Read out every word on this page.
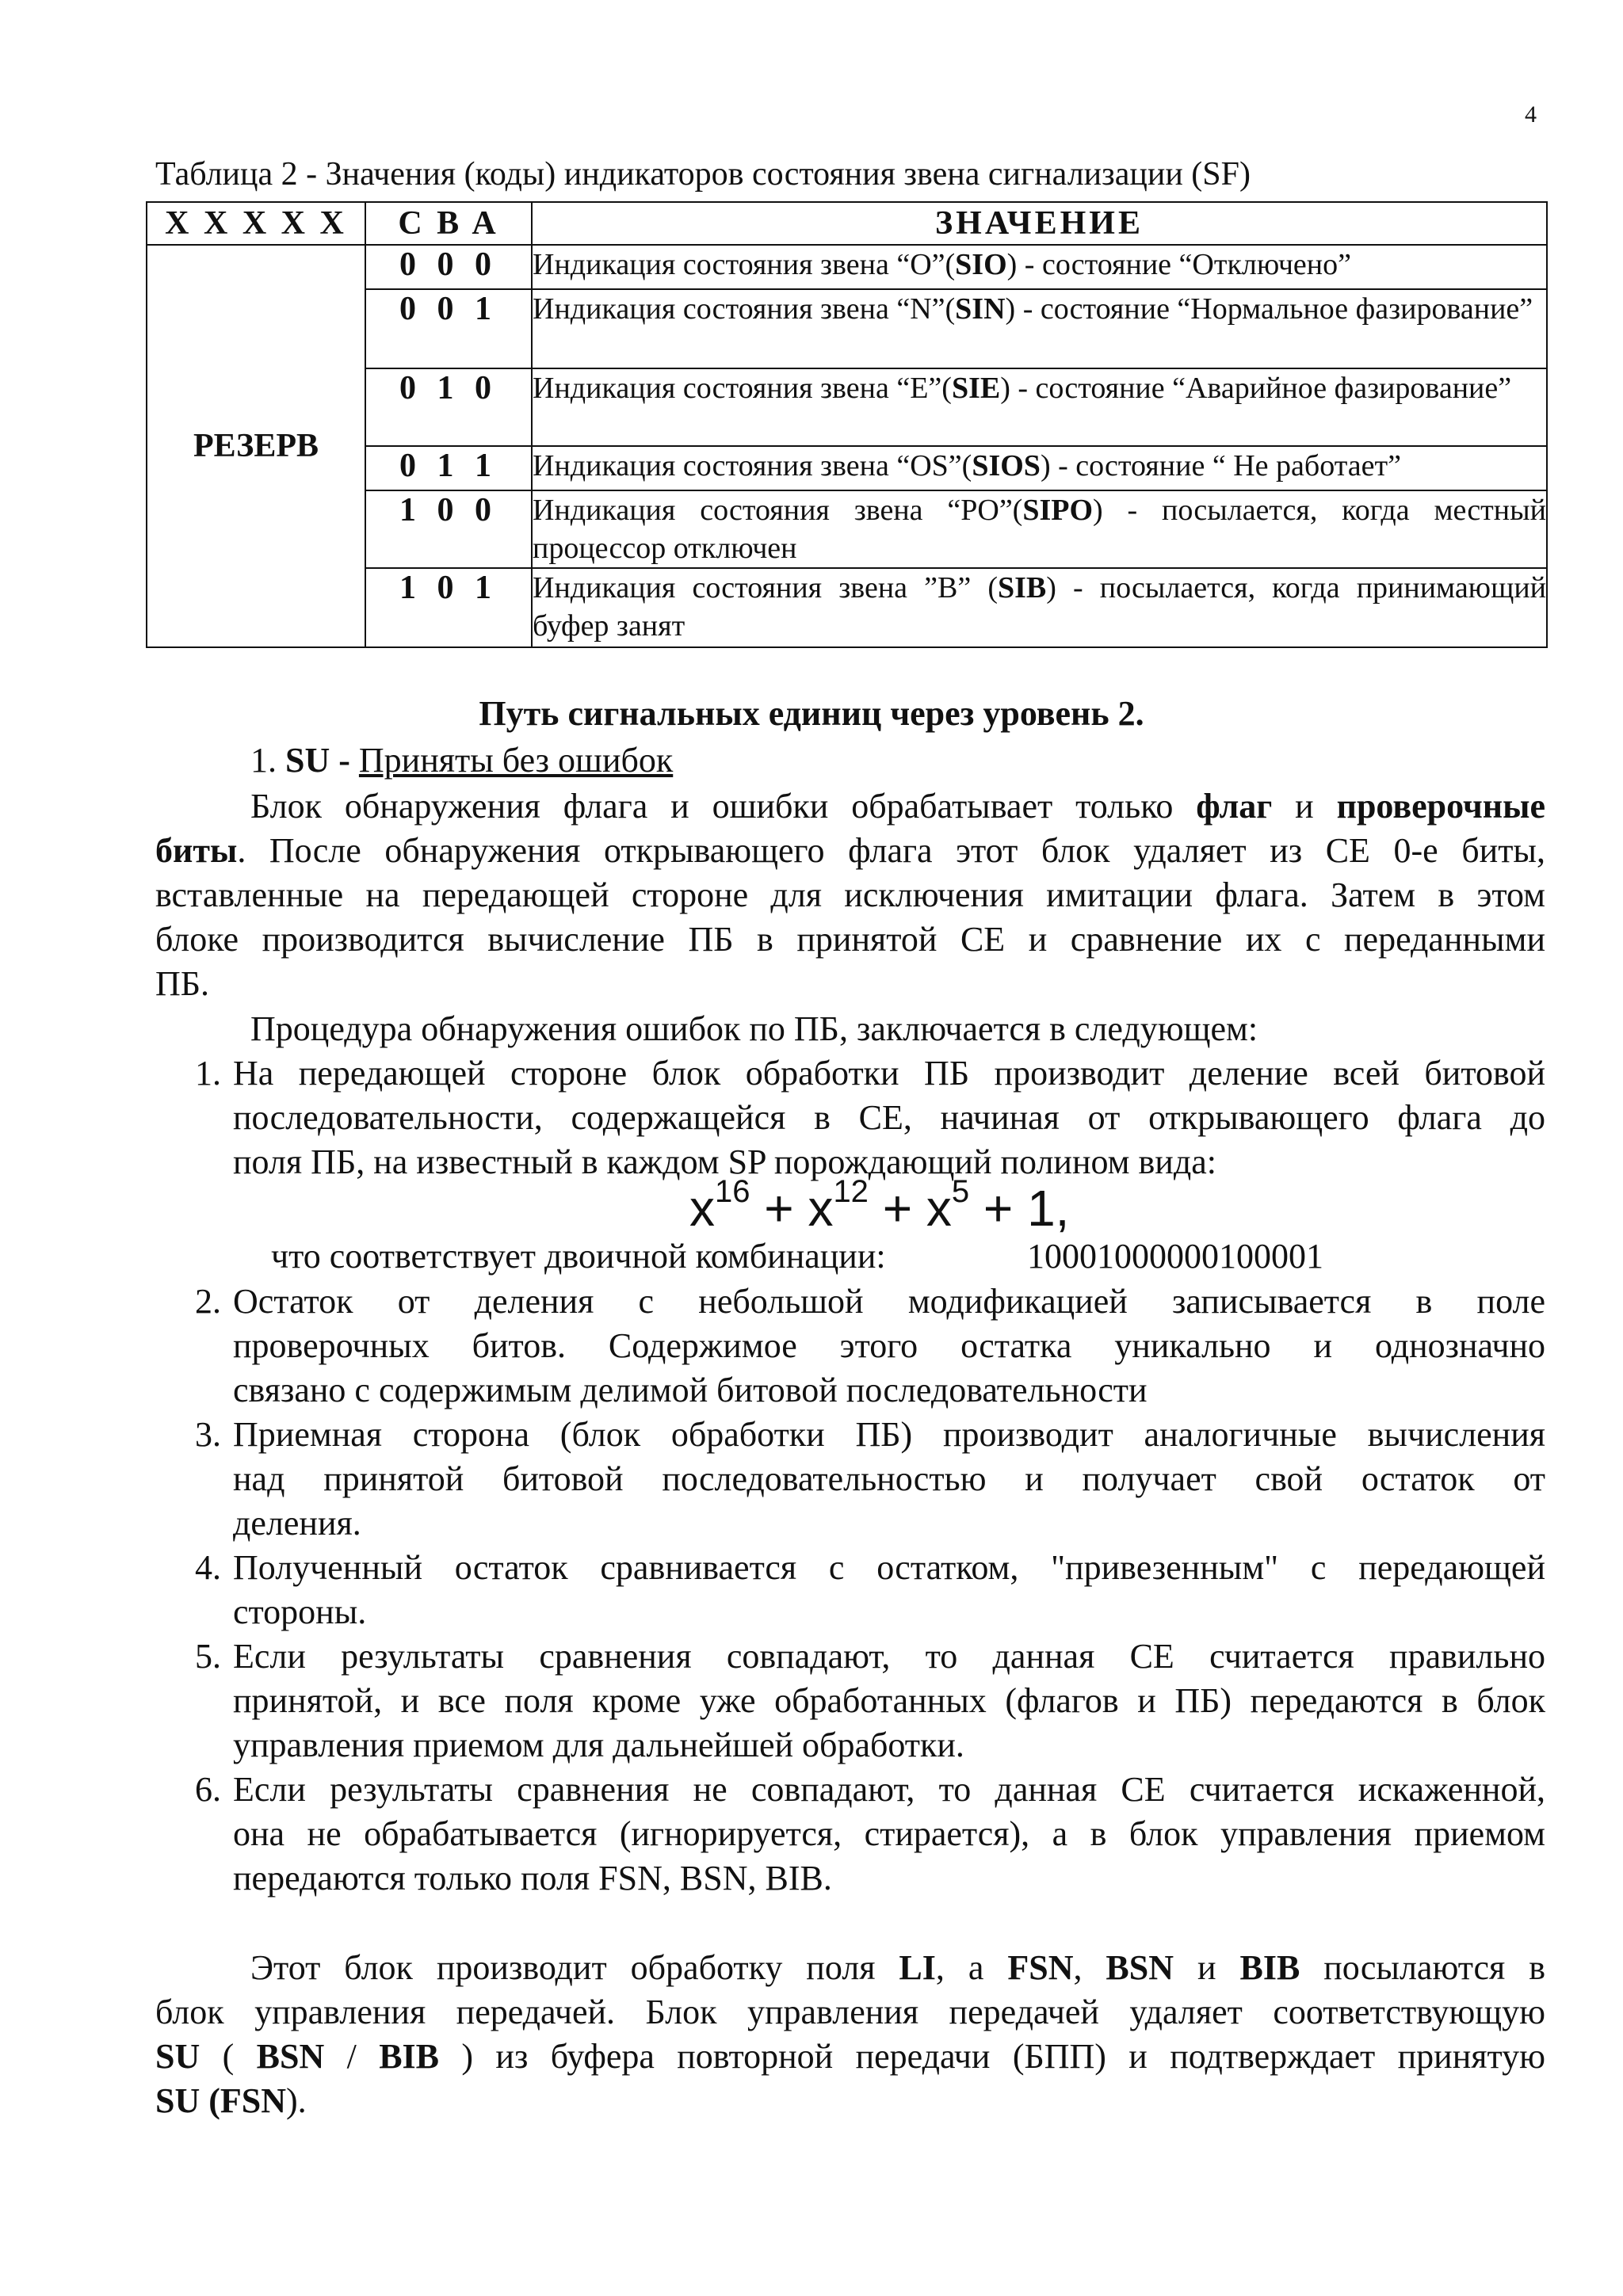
4
Таблица 2 - Значения (коды) индикаторов состояния звена сигнализации (SF)
X X X X X	C B A	ЗНАЧЕНИЕ
РЕЗЕРВ	0 0 0	Индикация состояния звена “O”(SIO) - состояние “Отключено”
	0 0 1	Индикация состояния звена “N”(SIN) - состояние “Нормальное фазирование”
	0 1 0	Индикация состояния звена “E”(SIE) - состояние “Аварийное фазирование”
	0 1 1	Индикация состояния звена “OS”(SIOS) - состояние “ Не работает”
	1 0 0	Индикация состояния звена “PO”(SIPO) - посылается, когда местный процессор отключен
	1 0 1	Индикация состояния звена ”B” (SIB) - посылается, когда принимающий буфер занят
Путь сигнальных единиц через уровень 2.
1. SU - Приняты без ошибок
Блок обнаружения флага и ошибки обрабатывает только флаг и проверочные
биты. После обнаружения открывающего флага этот блок удаляет из СЕ 0-е биты,
вставленные на передающей стороне для исключения имитации флага. Затем в этом
блоке производится вычисление ПБ в принятой СЕ и сравнение их с переданными
ПБ.
Процедура обнаружения ошибок по ПБ, заключается в следующем:
1. На передающей стороне блок обработки ПБ производит деление всей битовой
последовательности, содержащейся в СЕ, начиная от открывающего флага до
поля ПБ, на известный в каждом SP порождающий полином вида:
$x^{16} + x^{12} + x^5 + 1$,
что соответствует двоичной комбинации:	10001000000100001
2. Остаток от деления с небольшой модификацией записывается в поле
проверочных битов. Содержимое этого остатка уникально и однозначно
связано с содержимым делимой битовой последовательности
3. Приемная сторона (блок обработки ПБ) производит аналогичные вычисления
над принятой битовой последовательностью и получает свой остаток от
деления.
4. Полученный остаток сравнивается с остатком, "привезенным" с передающей
стороны.
5. Если результаты сравнения совпадают, то данная СЕ считается правильно
принятой, и все поля кроме уже обработанных (флагов и ПБ) передаются в блок
управления приемом для дальнейшей обработки.
6. Если результаты сравнения не совпадают, то данная СЕ считается искаженной,
она не обрабатывается (игнорируется, стирается), а в блок управления приемом
передаются только поля FSN, BSN, BIB.
Этот блок производит обработку поля LI, а FSN, BSN и BIB посылаются в
блок управления передачей. Блок управления передачей удаляет соответствующую
SU ( BSN / BIB ) из буфера повторной передачи (БПП) и подтверждает принятую
SU (FSN).
